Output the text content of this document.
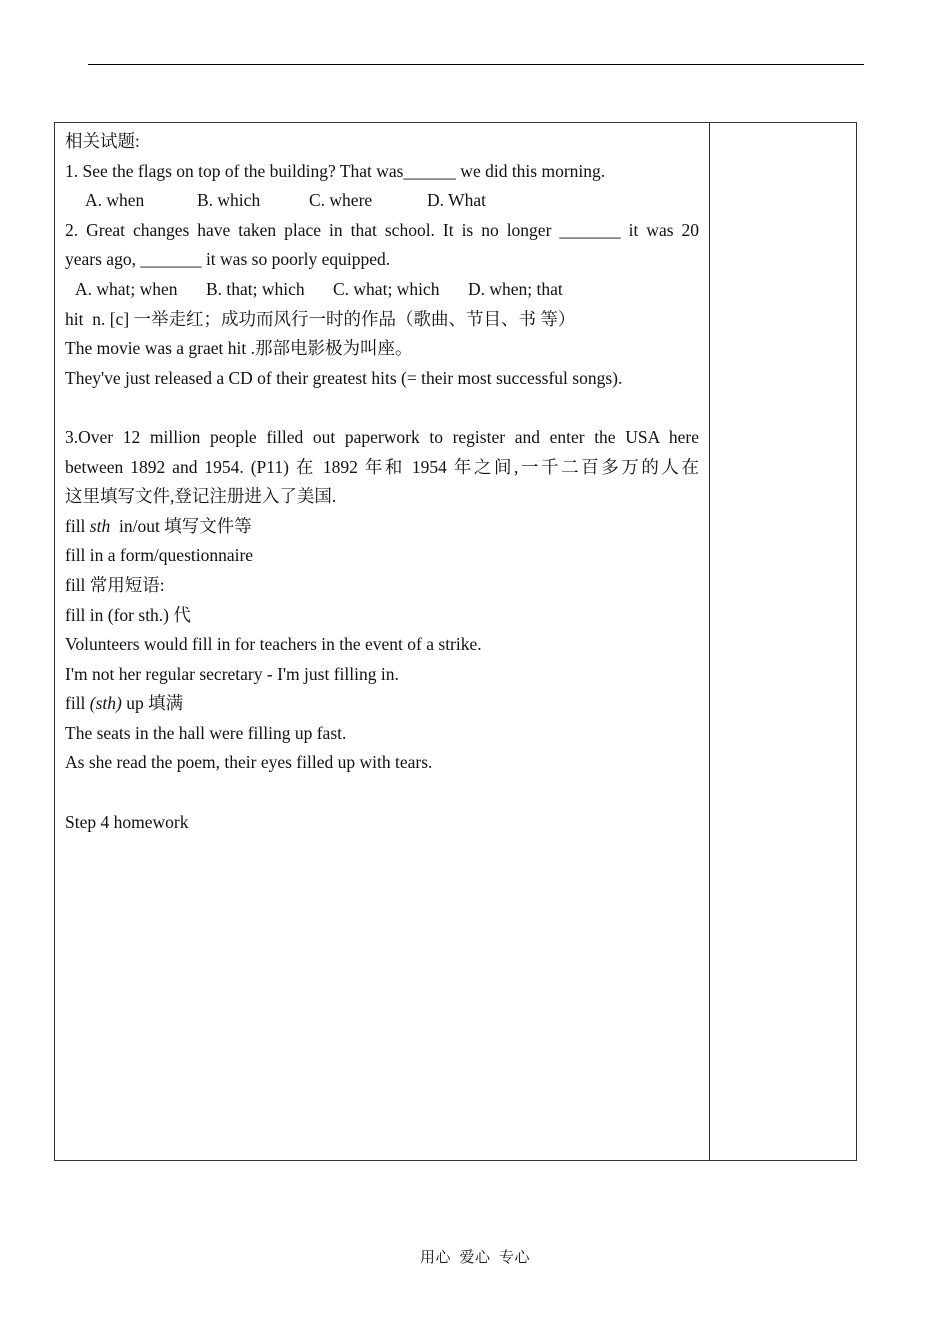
相关试题:
1. See the flags on top of the building? That was______ we did this morning.
A. when	B. which	C. where	D. What
2. Great changes have taken place in that school. It is no longer _______ it was 20
years ago, _______ it was so poorly equipped.
A. what; when B. that; which C. what; which D. when; that
hit  n. [c] 一举走红；成功而风行一时的作品（歌曲、节目、书 等）
The movie was a graet hit .那部电影极为叫座。
They've just released a CD of their greatest hits (= their most successful songs).
3.Over 12 million people filled out paperwork to register and enter the USA here
between 1892 and 1954. (P11) 在 1892 年和 1954 年之间,一千二百多万的人在
这里填写文件,登记注册进入了美国.
fill sth  in/out 填写文件等
fill in a form/questionnaire
fill 常用短语:
fill in (for sth.) 代
Volunteers would fill in for teachers in the event of a strike.
I'm not her regular secretary - I'm just filling in.
fill (sth) up 填满
The seats in the hall were filling up fast.
As she read the poem, their eyes filled up with tears.
Step 4 homework
用心  爱心  专心
